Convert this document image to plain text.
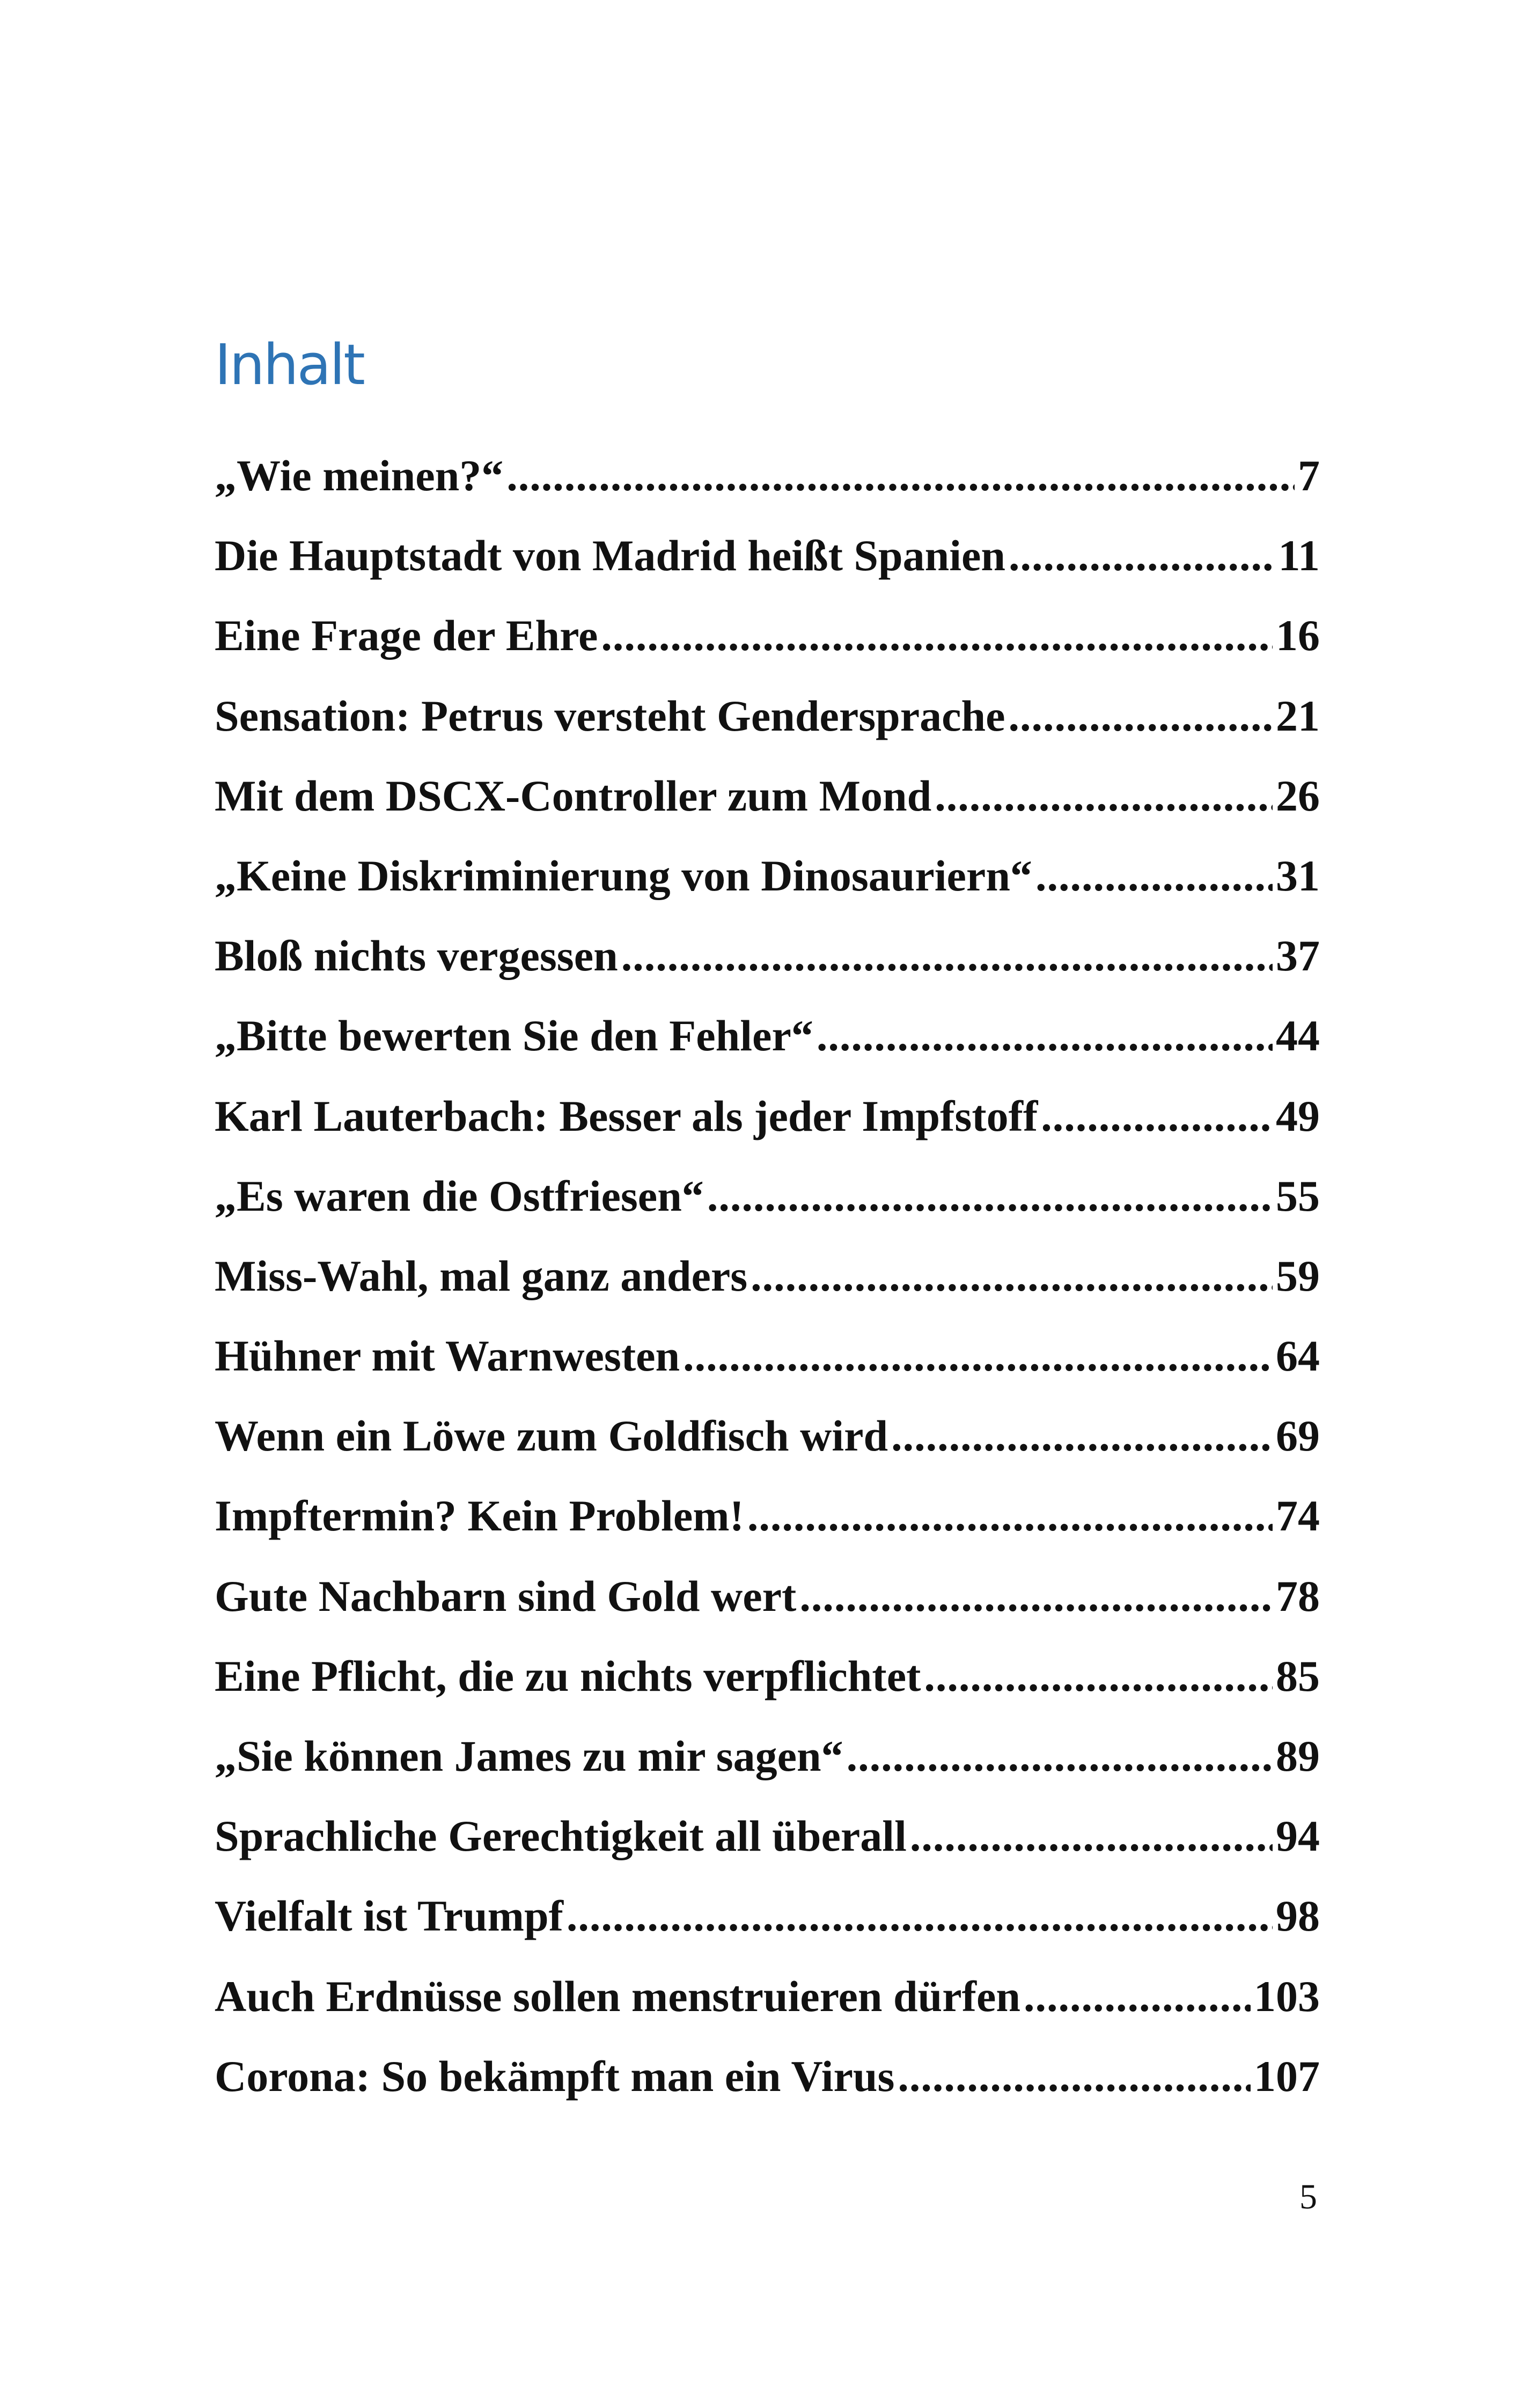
Inhalt
„Wie meinen?“ .....	7
Die Hauptstadt von Madrid heißt Spanien .....	11
Eine Frage der Ehre .....	16
Sensation: Petrus versteht Gendersprache .....	21
Mit dem DSCX-Controller zum Mond .....	26
„Keine Diskriminierung von Dinosauriern“ .....	31
Bloß nichts vergessen .....	37
„Bitte bewerten Sie den Fehler“ .....	44
Karl Lauterbach: Besser als jeder Impfstoff .....	49
„Es waren die Ostfriesen“ .....	55
Miss-Wahl, mal ganz anders .....	59
Hühner mit Warnwesten .....	64
Wenn ein Löwe zum Goldfisch wird .....	69
Impftermin? Kein Problem! .....	74
Gute Nachbarn sind Gold wert .....	78
Eine Pflicht, die zu nichts verpflichtet .....	85
„Sie können James zu mir sagen“ .....	89
Sprachliche Gerechtigkeit all überall .....	94
Vielfalt ist Trumpf .....	98
Auch Erdnüsse sollen menstruieren dürfen .....	103
Corona: So bekämpft man ein Virus .....	107
5
